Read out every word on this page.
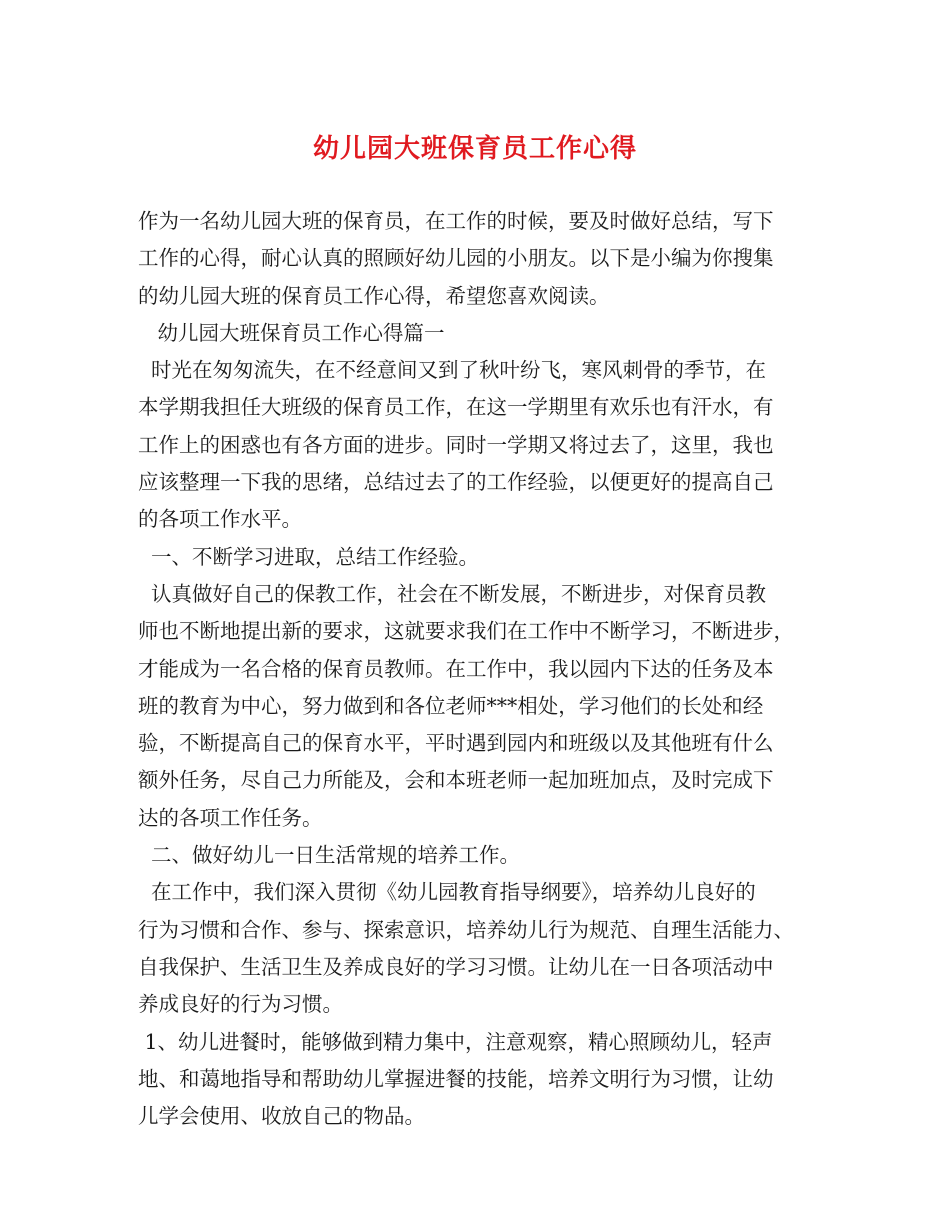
幼儿园大班保育员工作心得
作为一名幼儿园大班的保育员，在工作的时候，要及时做好总结，写下
工作的心得，耐心认真的照顾好幼儿园的小朋友。以下是小编为你搜集
的幼儿园大班的保育员工作心得，希望您喜欢阅读。
幼儿园大班保育员工作心得篇一
时光在匆匆流失，在不经意间又到了秋叶纷飞，寒风刺骨的季节，在
本学期我担任大班级的保育员工作，在这一学期里有欢乐也有汗水，有
工作上的困惑也有各方面的进步。同时一学期又将过去了，这里，我也
应该整理一下我的思绪，总结过去了的工作经验，以便更好的提高自己
的各项工作水平。
一、不断学习进取，总结工作经验。
认真做好自己的保教工作，社会在不断发展，不断进步，对保育员教
师也不断地提出新的要求，这就要求我们在工作中不断学习，不断进步，
才能成为一名合格的保育员教师。在工作中，我以园内下达的任务及本
班的教育为中心，努力做到和各位老师***相处，学习他们的长处和经
验，不断提高自己的保育水平，平时遇到园内和班级以及其他班有什么
额外任务，尽自己力所能及，会和本班老师一起加班加点，及时完成下
达的各项工作任务。
二、做好幼儿一日生活常规的培养工作。
在工作中，我们深入贯彻《幼儿园教育指导纲要》，培养幼儿良好的
行为习惯和合作、参与、探索意识，培养幼儿行为规范、自理生活能力、
自我保护、生活卫生及养成良好的学习习惯。让幼儿在一日各项活动中
养成良好的行为习惯。
1、幼儿进餐时，能够做到精力集中，注意观察，精心照顾幼儿，轻声
地、和蔼地指导和帮助幼儿掌握进餐的技能，培养文明行为习惯，让幼
儿学会使用、收放自己的物品。
